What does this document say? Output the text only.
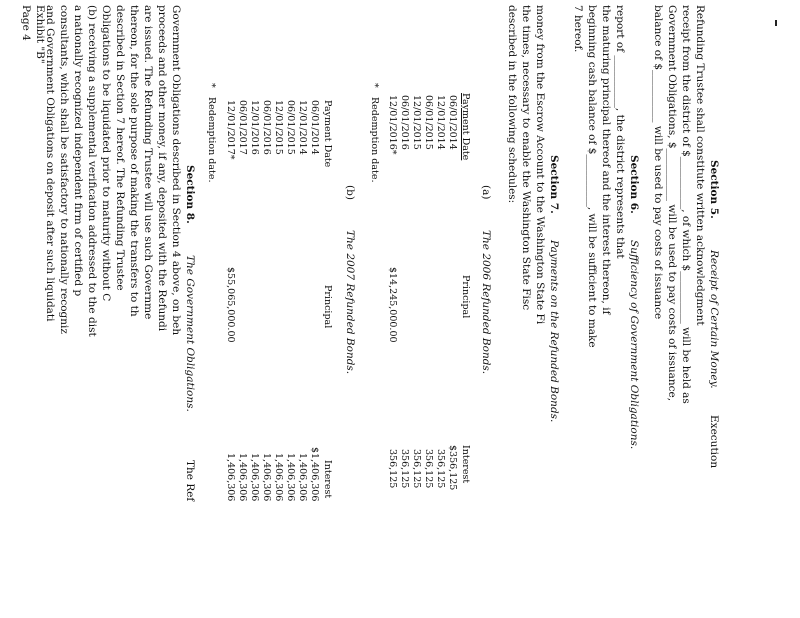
Section 5.
Receipt of Certain Money.
Execution
Refunding Trustee shall constitute written acknowledgment
receipt from the district of $__________, of which $__________ will be held as
Government Obligations, $__________ will be used to pay costs of issuance,
balance of $__________ will be used to pay costs of issuance
Section 6.
Sufficiency of Government Obligations.
report of __________, the district represents that
the maturing principal thereof and the interest thereon, if
beginning cash balance of $__________, will be sufficient to make
7 hereof.
Section 7.
Payments on the Refunded Bonds.
money from the Escrow Account to the Washington State Fi
the times, necessary to enable the Washington State Fisc
described in the following schedules:
(a)
The 2006 Refunded Bonds.
Payment Date
Principal
Interest
06/01/2014
$356,125
12/01/2014
356,125
06/01/2015
356,125
12/01/2015
356,125
06/01/2016
356,125
12/01/2016*
$14,245,000.00
356,125
*
Redemption date.
(b)
The 2007 Refunded Bonds.
Payment Date
Principal
Interest
06/01/2014
$1,406,306
12/01/2014
1,406,306
06/01/2015
1,406,306
12/01/2015
1,406,306
06/01/2016
1,406,306
12/01/2016
1,406,306
06/01/2017
1,406,306
12/01/2017*
$55,065,000.00
1,406,306
*
Redemption date.
Section 8.
The Government Obligations.
The Ref
Government Obligations described in Section 4 above, on beh
proceeds and other money, if any, deposited with the Refundi
are issued. The Refunding Trustee will use such Governme
thereon, for the sole purpose of making the transfers to th
described in Section 7 hereof. The Refunding Trustee
Obligations to be liquidated prior to maturity without C
(b) receiving a supplemental verification addressed to the dist
a nationally recognized independent firm of certified p
consultants, which shall be satisfactory to nationally recogniz
and Government Obligations on deposit after such liquidati
Exhibit "B"
Page 4
